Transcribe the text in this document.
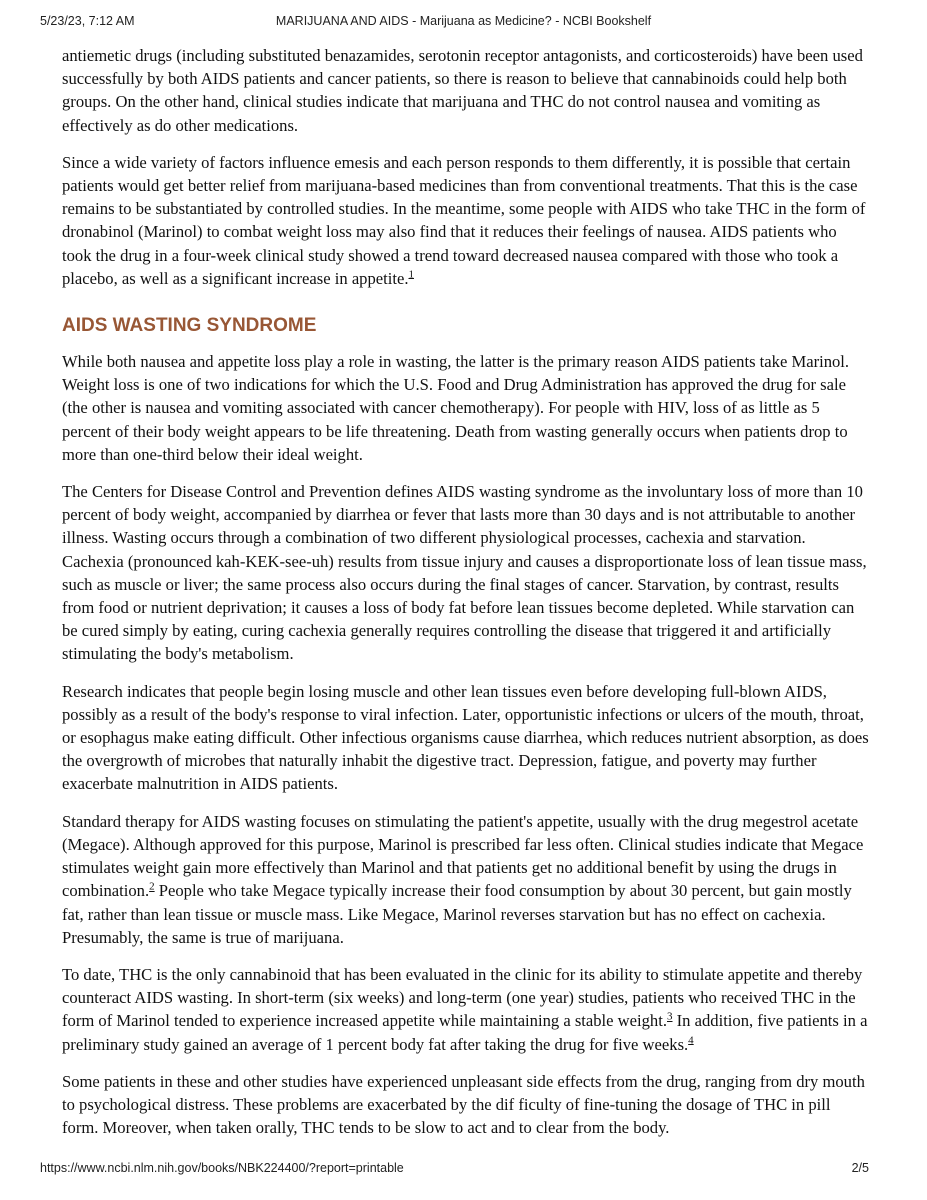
5/23/23, 7:12 AM	MARIJUANA AND AIDS - Marijuana as Medicine? - NCBI Bookshelf

antiemetic drugs (including substituted benazamides, serotonin receptor antagonists, and corticosteroids) have been used successfully by both AIDS patients and cancer patients, so there is reason to believe that cannabinoids could help both groups. On the other hand, clinical studies indicate that marijuana and THC do not control nausea and vomiting as effectively as do other medications.

Since a wide variety of factors influence emesis and each person responds to them differently, it is possible that certain patients would get better relief from marijuana-based medicines than from conventional treatments. That this is the case remains to be substantiated by controlled studies. In the meantime, some people with AIDS who take THC in the form of dronabinol (Marinol) to combat weight loss may also find that it reduces their feelings of nausea. AIDS patients who took the drug in a four-week clinical study showed a trend toward decreased nausea compared with those who took a placebo, as well as a significant increase in appetite.$^1$

AIDS WASTING SYNDROME

While both nausea and appetite loss play a role in wasting, the latter is the primary reason AIDS patients take Marinol. Weight loss is one of two indications for which the U.S. Food and Drug Administration has approved the drug for sale (the other is nausea and vomiting associated with cancer chemotherapy). For people with HIV, loss of as little as 5 percent of their body weight appears to be life threatening. Death from wasting generally occurs when patients drop to more than one-third below their ideal weight.

The Centers for Disease Control and Prevention defines AIDS wasting syndrome as the involuntary loss of more than 10 percent of body weight, accompanied by diarrhea or fever that lasts more than 30 days and is not attributable to another illness. Wasting occurs through a combination of two different physiological processes, cachexia and starvation. Cachexia (pronounced kah-KEK-see-uh) results from tissue injury and causes a disproportionate loss of lean tissue mass, such as muscle or liver; the same process also occurs during the final stages of cancer. Starvation, by contrast, results from food or nutrient deprivation; it causes a loss of body fat before lean tissues become depleted. While starvation can be cured simply by eating, curing cachexia generally requires controlling the disease that triggered it and artificially stimulating the body's metabolism.

Research indicates that people begin losing muscle and other lean tissues even before developing full-blown AIDS, possibly as a result of the body's response to viral infection. Later, opportunistic infections or ulcers of the mouth, throat, or esophagus make eating difficult. Other infectious organisms cause diarrhea, which reduces nutrient absorption, as does the overgrowth of microbes that naturally inhabit the digestive tract. Depression, fatigue, and poverty may further exacerbate malnutrition in AIDS patients.

Standard therapy for AIDS wasting focuses on stimulating the patient's appetite, usually with the drug megestrol acetate (Megace). Although approved for this purpose, Marinol is prescribed far less often. Clinical studies indicate that Megace stimulates weight gain more effectively than Marinol and that patients get no additional benefit by using the drugs in combination.$^2$ People who take Megace typically increase their food consumption by about 30 percent, but gain mostly fat, rather than lean tissue or muscle mass. Like Megace, Marinol reverses starvation but has no effect on cachexia. Presumably, the same is true of marijuana.

To date, THC is the only cannabinoid that has been evaluated in the clinic for its ability to stimulate appetite and thereby counteract AIDS wasting. In short-term (six weeks) and long-term (one year) studies, patients who received THC in the form of Marinol tended to experience increased appetite while maintaining a stable weight.$^3$ In addition, five patients in a preliminary study gained an average of 1 percent body fat after taking the drug for five weeks.$^4$

Some patients in these and other studies have experienced unpleasant side effects from the drug, ranging from dry mouth to psychological distress. These problems are exacerbated by the dif ficulty of fine-tuning the dosage of THC in pill form. Moreover, when taken orally, THC tends to be slow to act and to clear from the body.

https://www.ncbi.nlm.nih.gov/books/NBK224400/?report=printable	2/5
